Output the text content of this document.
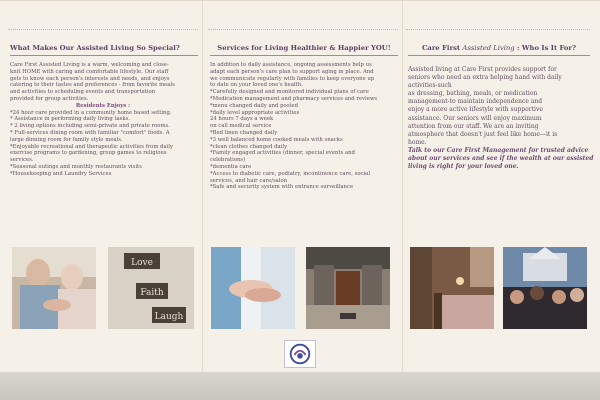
What Makes Our Assisted Living So Special?
Care First Assisted Living is a warm, welcoming and close-
knit HOME with caring and comfortable lifestyle. Our staff
gets to know each person's interests and needs, and enjoys
catering to their tastes and preferences - from favorite meals
and activities to scheduling events and transportation
provided for group activities.
Residents Enjoys :
*24 hour care provided in a community home based setting.
* Assistance in performing daily living tasks.
* 2 living options including semi-private and private rooms.
* Full-services dining room with familiar "comfort" foods. A
large dinning room for family style meals.
*Enjoyable recreational and therapeutic activities from daily
exercise programs to gardening, group games to religious
services.
*Seasonal outings and monthly restaurants visits
*Housekeeping and Laundry Services
Services for Living Healthier & Happier YOU!
In addition to daily assistance, ongoing assessments help us
adapt each person's care plan to support aging in place. And
we communicate regularly with families to keep everyone up
to date on your loved one's health.
*Carefully designed and monitored individual plans of care
*Medication management and pharmacy services and reviews
*menu changed daily and posted
*daily level appropriate activities
24 hours 7 days a week
on call medical service
*Bed linen changed daily
*3 well balanced home cooked meals with snacks
*clean clothes changed daily
*Family engaged activities (dinner, special events and
celebrations)
*dementia care
*Access to diabetic care, podiatry, incontinence care, social
services, and hair care/salon
*Safe and security system with entrance surveillance
Care First Assisted Living : Who Is It For?
Assisted living at Care First provides support for
seniors who need an extra helping hand with daily
activities-such
as dressing, bathing, meals, or medication
management-to maintain independence and
enjoy a more active lifestyle with supportive
assistance. Our seniors will enjoy maximum
attention from our staff. We are an inviting
atmosphere that doesn't just feel like home—it is
home.
Talk to our Care First Management for trusted advice
about our services and see if the wealth at our assisted
living is right for your loved one.
Love
Faith
Laugh
